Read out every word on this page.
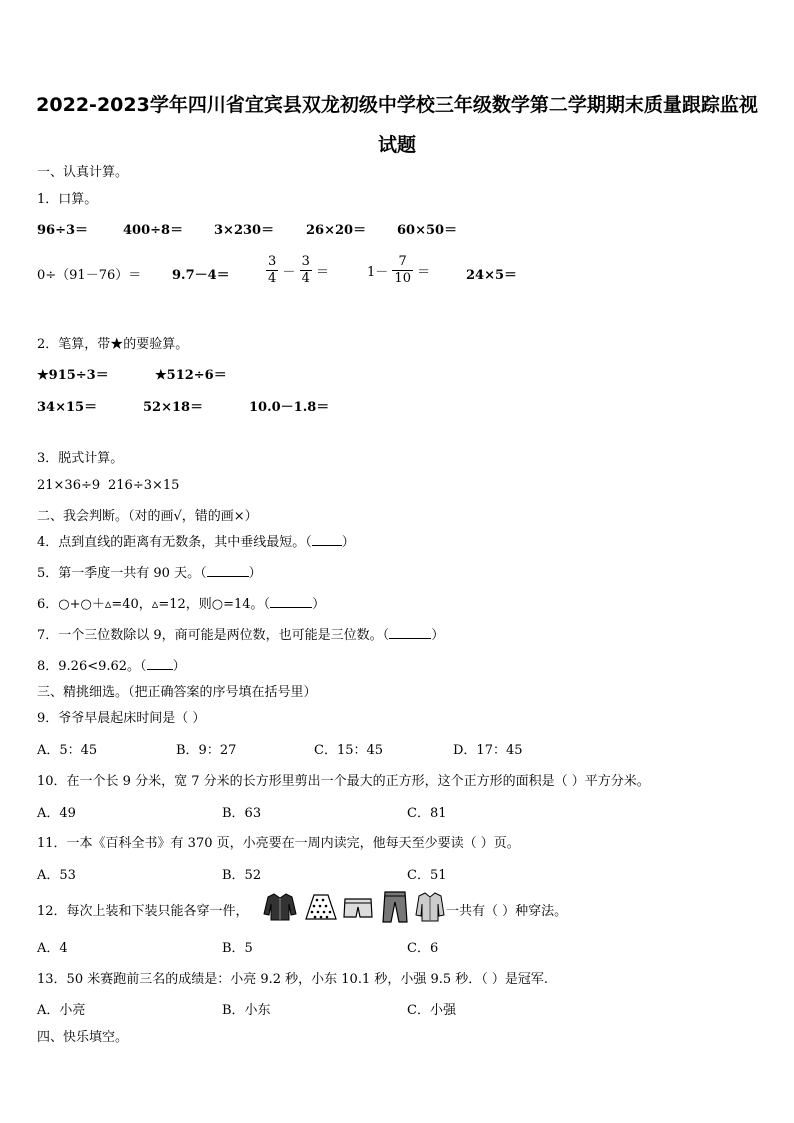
2022-2023学年四川省宜宾县双龙初级中学校三年级数学第二学期期末质量跟踪监视
试题
一、认真计算。
1．口算。
96÷3＝	400÷8＝ 3×230＝ 26×20＝ 60×50＝
0÷（91－76）＝ 9.7－4＝	$\frac{3}{4} - \frac{3}{4}$ ＝	$1- \frac{7}{10}$ ＝	24×5＝
2．笔算，带★的要验算。
★915÷3＝	★512÷6＝
34×15＝	52×18＝	10.0－1.8＝
3．脱式计算。
21×36÷9 216÷3×15
二、我会判断。（对的画√，错的画×）
4．点到直线的距离有无数条，其中垂线最短。（ ）
5．第一季度一共有 90 天。（	）
6．○+○＋▵=40，▵=12，则○=14。（	）
7．一个三位数除以 9，商可能是两位数，也可能是三位数。（	）
8．9.26<9.62。（ ）
三、精挑细选。（把正确答案的序号填在括号里）
9．爷爷早晨起床时间是（ ）
A．5：45	B．9：27	C．15：45	D．17：45
10．在一个长 9 分米，宽 7 分米的长方形里剪出一个最大的正方形，这个正方形的面积是（ ）平方分米。
A．49	B．63	C．81
11．一本《百科全书》有 370 页，小亮要在一周内读完，他每天至少要读（ ）页。
A．53	B．52	C．51
12．每次上装和下装只能各穿一件，	一共有（ ）种穿法。
A．4	B．5	C．6
13．50 米赛跑前三名的成绩是：小亮 9.2 秒，小东 10.1 秒，小强 9.5 秒．（ ）是冠军.
A．小亮	B．小东	C．小强
四、快乐填空。
